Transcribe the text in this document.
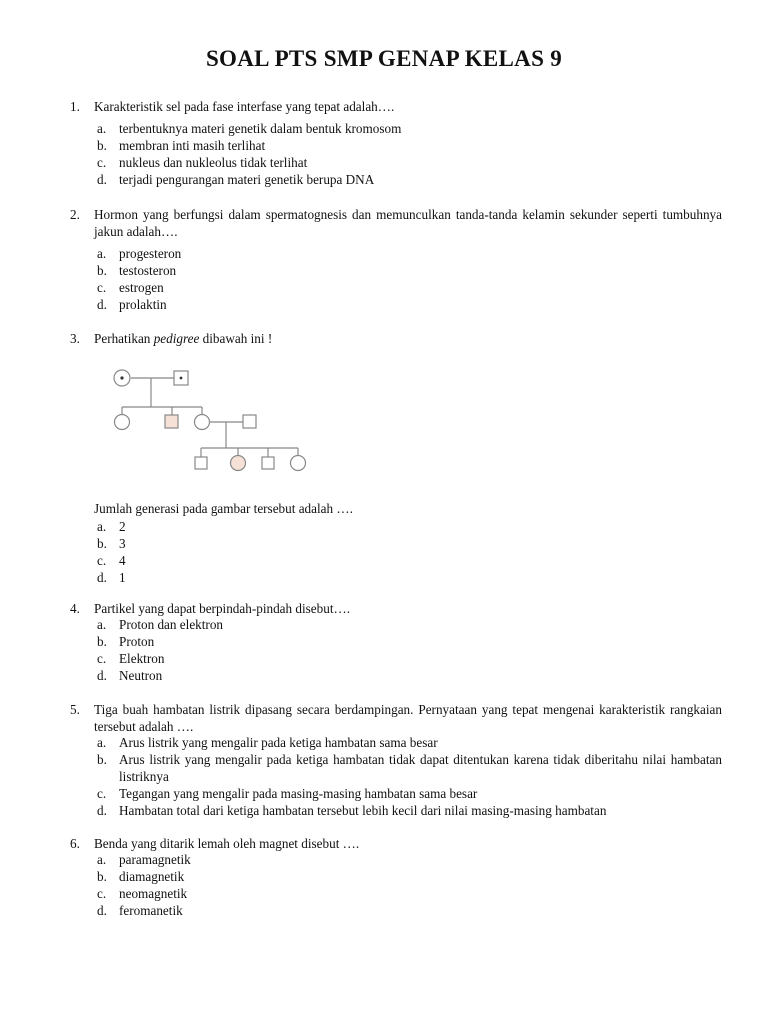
SOAL PTS SMP GENAP KELAS 9
1.	Karakteristik sel pada fase interfase yang tepat adalah….
a. terbentuknya materi genetik dalam bentuk kromosom
b. membran inti masih terlihat
c. nukleus dan nukleolus tidak terlihat
d. terjadi pengurangan materi genetik berupa DNA
2.	Hormon yang berfungsi dalam spermatognesis dan memunculkan tanda-tanda kelamin sekunder seperti tumbuhnya jakun adalah….
a. progesteron
b. testosteron
c. estrogen
d. prolaktin
3.	Perhatikan pedigree dibawah ini !
Jumlah generasi pada gambar tersebut adalah ….
a. 2
b. 3
c. 4
d. 1
4.	Partikel yang dapat berpindah-pindah disebut….
a. Proton dan elektron
b. Proton
c. Elektron
d. Neutron
5.	Tiga buah hambatan listrik dipasang secara berdampingan. Pernyataan yang tepat mengenai karakteristik rangkaian tersebut adalah ….
a. Arus listrik yang mengalir pada ketiga hambatan sama besar
b. Arus listrik yang mengalir pada ketiga hambatan tidak dapat ditentukan karena tidak diberitahu nilai hambatan listriknya
c. Tegangan yang mengalir pada masing-masing hambatan sama besar
d. Hambatan total dari ketiga hambatan tersebut lebih kecil dari nilai masing-masing hambatan
6.	Benda yang ditarik lemah oleh magnet disebut ….
a. paramagnetik
b. diamagnetik
c. neomagnetik
d. feromanetik
